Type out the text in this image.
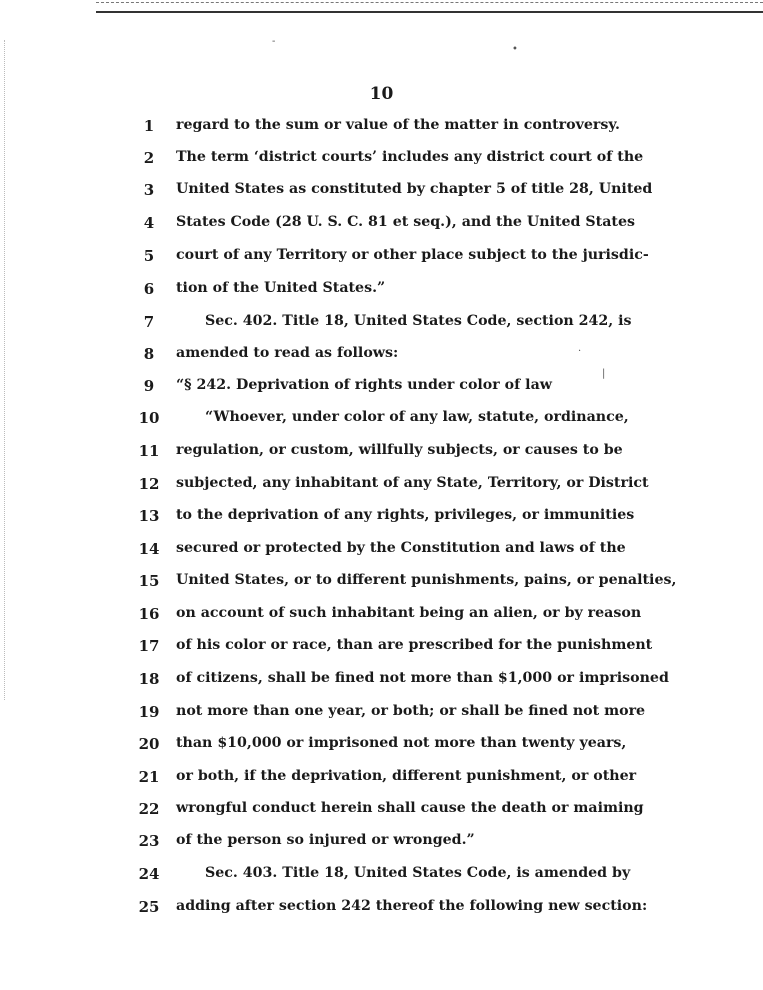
‐
•
·
|
10
1	regard to the sum or value of the matter in controversy.
2	The term ‘district courts’ includes any district court of the
3	United States as constituted by chapter 5 of title 28, United
4	States Code (28 U. S. C. 81 et seq.), and the United States
5	court of any Territory or other place subject to the jurisdic-
6	tion of the United States.”
7	Sec. 402. Title 18, United States Code, section 242, is
8	amended to read as follows:
9	“§ 242. Deprivation of rights under color of law
10	“Whoever, under color of any law, statute, ordinance,
11	regulation, or custom, willfully subjects, or causes to be
12	subjected, any inhabitant of any State, Territory, or District
13	to the deprivation of any rights, privileges, or immunities
14	secured or protected by the Constitution and laws of the
15	United States, or to different punishments, pains, or penalties,
16	on account of such inhabitant being an alien, or by reason
17	of his color or race, than are prescribed for the punishment
18	of citizens, shall be fined not more than $1,000 or imprisoned
19	not more than one year, or both; or shall be fined not more
20	than $10,000 or imprisoned not more than twenty years,
21	or both, if the deprivation, different punishment, or other
22	wrongful conduct herein shall cause the death or maiming
23	of the person so injured or wronged.”
24	Sec. 403. Title 18, United States Code, is amended by
25	adding after section 242 thereof the following new section:
